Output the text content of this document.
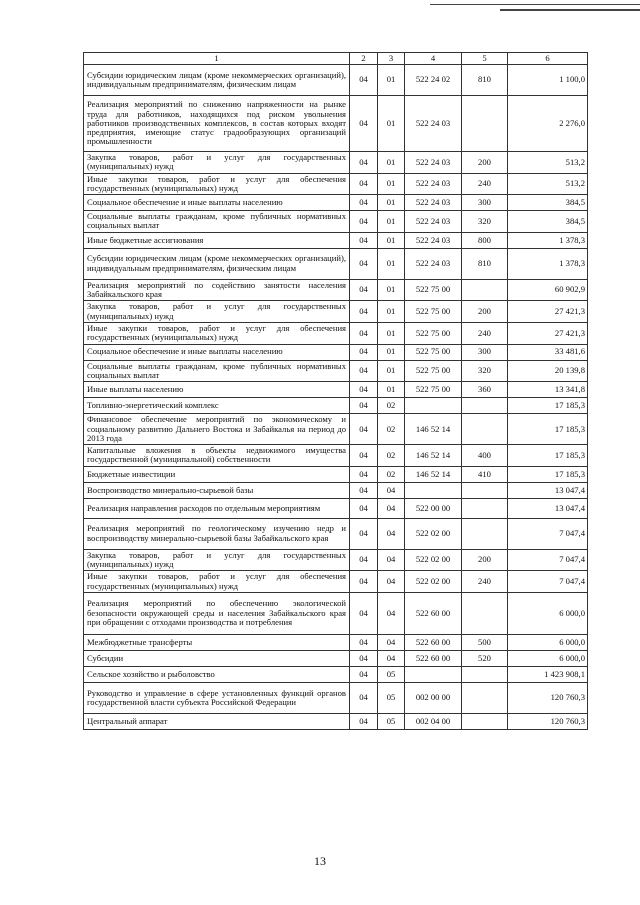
1	2	3	4	5	6
Субсидии юридическим лицам (кроме некоммерческих организаций), индивидуальным предпринимателям, физическим лицам	04	01	522 24 02	810	1 100,0
Реализация мероприятий по снижению напряженности на рынке труда для работников, находящихся под риском увольнения работников производственных комплексов, в состав которых входят предприятия, имеющие статус градообразующих организаций промышленности	04	01	522 24 03		2 276,0
Закупка товаров, работ и услуг для государственных (муниципальных) нужд	04	01	522 24 03	200	513,2
Иные закупки товаров, работ и услуг для обеспечения государственных (муниципальных) нужд	04	01	522 24 03	240	513,2
Социальное обеспечение и иные выплаты населению	04	01	522 24 03	300	384,5
Социальные выплаты гражданам, кроме публичных нормативных социальных выплат	04	01	522 24 03	320	384,5
Иные бюджетные ассигнования	04	01	522 24 03	800	1 378,3
Субсидии юридическим лицам (кроме некоммерческих организаций), индивидуальным предпринимателям, физическим лицам	04	01	522 24 03	810	1 378,3
Реализация мероприятий по содействию занятости населения Забайкальского края	04	01	522 75 00		60 902,9
Закупка товаров, работ и услуг для государственных (муниципальных) нужд	04	01	522 75 00	200	27 421,3
Иные закупки товаров, работ и услуг для обеспечения государственных (муниципальных) нужд	04	01	522 75 00	240	27 421,3
Социальное обеспечение и иные выплаты населению	04	01	522 75 00	300	33 481,6
Социальные выплаты гражданам, кроме публичных нормативных социальных выплат	04	01	522 75 00	320	20 139,8
Иные выплаты населению	04	01	522 75 00	360	13 341,8
Топливно-энергетический комплекс	04	02			17 185,3
Финансовое обеспечение мероприятий по экономическому и социальному развитию Дальнего Востока и Забайкалья на период до 2013 года	04	02	146 52 14		17 185,3
Капитальные вложения в объекты недвижимого имущества государственной (муниципальной) собственности	04	02	146 52 14	400	17 185,3
Бюджетные инвестиции	04	02	146 52 14	410	17 185,3
Воспроизводство минерально-сырьевой базы	04	04			13 047,4
Реализация направления расходов по отдельным мероприятиям	04	04	522 00 00		13 047,4
Реализация мероприятий по геологическому изучению недр и воспроизводству минерально-сырьевой базы Забайкальского края	04	04	522 02 00		7 047,4
Закупка товаров, работ и услуг для государственных (муниципальных) нужд	04	04	522 02 00	200	7 047,4
Иные закупки товаров, работ и услуг для обеспечения государственных (муниципальных) нужд	04	04	522 02 00	240	7 047,4
Реализация мероприятий по обеспечению экологической безопасности окружающей среды и населения Забайкальского края при обращении с отходами производства и потребления	04	04	522 60 00		6 000,0
Межбюджетные трансферты	04	04	522 60 00	500	6 000,0
Субсидии	04	04	522 60 00	520	6 000,0
Сельское хозяйство и рыболовство	04	05			1 423 908,1
Руководство и управление в сфере установленных функций органов государственной власти субъекта Российской Федерации	04	05	002 00 00		120 760,3
Центральный аппарат	04	05	002 04 00		120 760,3
13
